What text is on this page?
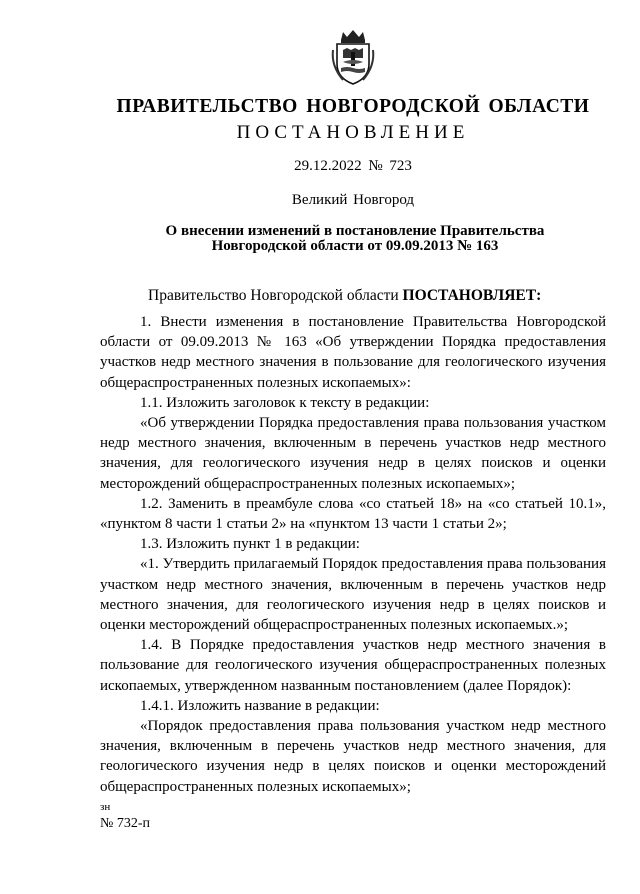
ПРАВИТЕЛЬСТВО НОВГОРОДСКОЙ ОБЛАСТИ
ПОСТАНОВЛЕНИЕ
29.12.2022 № 723
Великий Новгород
О внесении изменений в постановление Правительства Новгородской области от 09.09.2013 № 163
Правительство Новгородской области ПОСТАНОВЛЯЕТ:

1. Внести изменения в постановление Правительства Новгородской области от 09.09.2013 № 163 «Об утверждении Порядка предоставления участков недр местного значения в пользование для геологического изучения общераспространенных полезных ископаемых»:

1.1. Изложить заголовок к тексту в редакции:

«Об утверждении Порядка предоставления права пользования участком недр местного значения, включенным в перечень участков недр местного значения, для геологического изучения недр в целях поисков и оценки месторождений общераспространенных полезных ископаемых»;

1.2. Заменить в преамбуле слова «со статьей 18» на «со статьей 10.1», «пунктом 8 части 1 статьи 2» на «пунктом 13 части 1 статьи 2»;

1.3. Изложить пункт 1 в редакции:

«1. Утвердить прилагаемый Порядок предоставления права пользования участком недр местного значения, включенным в перечень участков недр местного значения, для геологического изучения недр в целях поисков и оценки месторождений общераспространенных полезных ископаемых.»;

1.4. В Порядке предоставления участков недр местного значения в пользование для геологического изучения общераспространенных полезных ископаемых, утвержденном названным постановлением (далее Порядок):

1.4.1. Изложить название в редакции:

«Порядок предоставления права пользования участком недр местного значения, включенным в перечень участков недр местного значения, для геологического изучения недр в целях поисков и оценки месторождений общераспространенных полезных ископаемых»;

зн
№ 732-п
